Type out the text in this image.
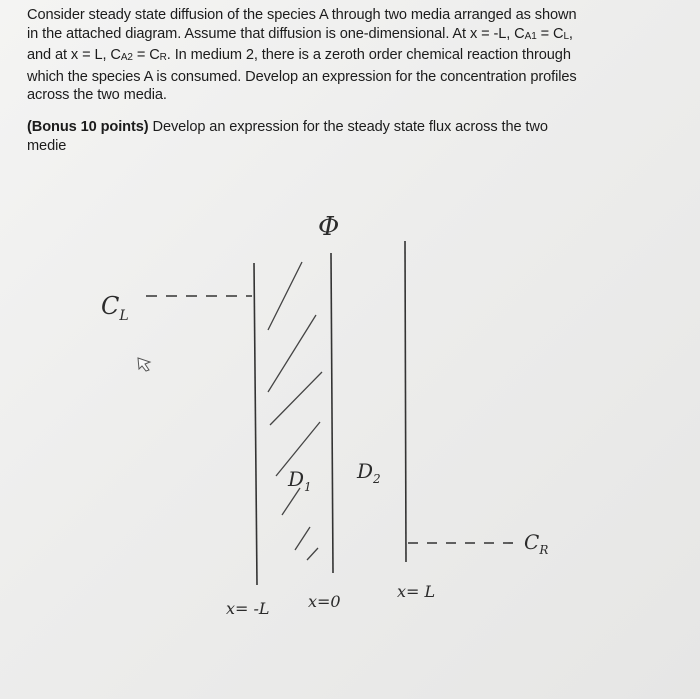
Consider steady state diffusion of the species A through two media arranged as shown

in the attached diagram. Assume that diffusion is one-dimensional. At x = -L, CA1 = CL,

and at x = L, CA2 = CR. In medium 2, there is a zeroth order chemical reaction through

which the species A is consumed. Develop an expression for the concentration profiles

across the two media.

(Bonus 10 points) Develop an expression for the steady state flux across the two

medie

Φ
$C_L$
$C_R$
$D_1$
$D_2$
x= -L x=0
x= L
